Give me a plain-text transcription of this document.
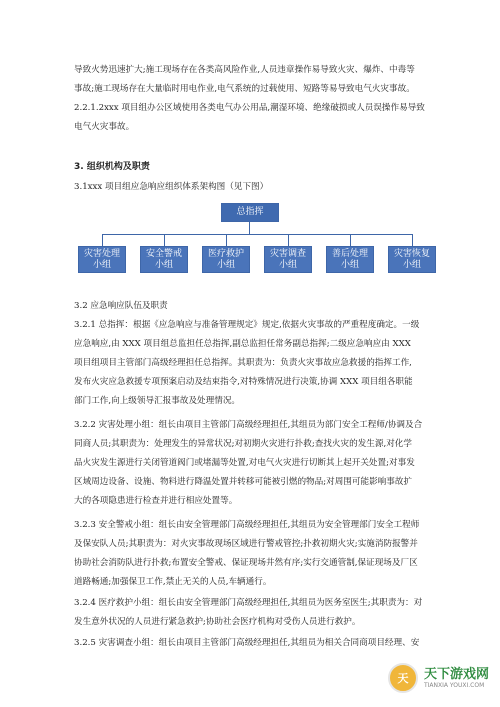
导致火势迅速扩大;施工现场存在各类高风险作业,人员违章操作易导致火灾、爆炸、中毒等
事故;施工现场存在大量临时用电作业,电气系统的过载使用、短路等易导致电气火灾事故。
2.2.1.2xxx 项目组办公区域使用各类电气办公用品,潮湿环境、绝缘破损或人员误操作易导致
电气火灾事故。
3. 组织机构及职责
3.1xxx 项目组应急响应组织体系架构图（见下图）
总指挥
灾害处理
小组
安全警戒
小组
医疗救护
小组
灾害调查
小组
善后处理
小组
灾害恢复
小组
3.2 应急响应队伍及职责
3.2.1 总指挥：根据《应急响应与准备管理规定》规定,依据火灾事故的严重程度确定。一级
应急响应,由 XXX 项目组总监担任总指挥,副总监担任常务副总指挥;二级应急响应由 XXX
项目组项目主管部门高级经理担任总指挥。其职责为：负责火灾事故应急救援的指挥工作,
发布火灾应急救援专项预案启动及结束指令,对特殊情况进行决策,协调 XXX 项目组各职能
部门工作,向上级领导汇报事故及处理情况。
3.2.2 灾害处理小组：组长由项目主管部门高级经理担任,其组员为部门安全工程师/协调及合
同商人员;其职责为：处理发生的异常状况;对初期火灾进行扑救;查找火灾的发生源,对化学
品火灾发生源进行关闭管道阀门或堵漏等处置,对电气火灾进行切断其上起开关处置;对事发
区域周边设备、设施、物料进行降温处置并转移可能被引燃的物品;对周围可能影响事故扩
大的各项隐患进行检查并进行相应处置等。
3.2.3 安全警戒小组：组长由安全管理部门高级经理担任,其组员为安全管理部门安全工程师
及保安队人员;其职责为：对火灾事故现场区域进行警戒管控;扑救初期火灾;实施消防报警并
协助社会消防队进行扑救;布置安全警戒、保证现场井然有序;实行交通管制,保证现场及厂区
道路畅通;加强保卫工作,禁止无关的人员,车辆通行。
3.2.4 医疗救护小组：组长由安全管理部门高级经理担任,其组员为医务室医生;其职责为：对
发生意外状况的人员进行紧急救护;协助社会医疗机构对受伤人员进行救护。
3.2.5 灾害调查小组：组长由项目主管部门高级经理担任,其组员为相关合同商项目经理、安
天	天下游戏网
TIANXIA YOUXI.COM
